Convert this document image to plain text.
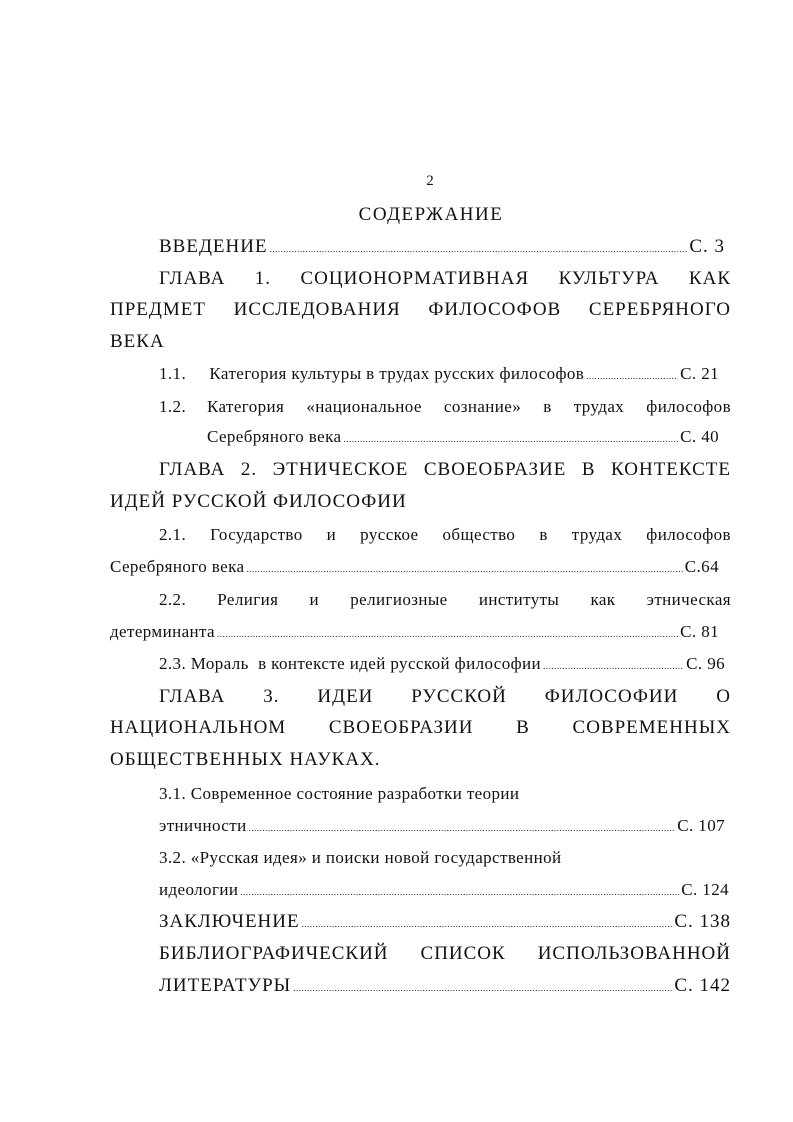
2
СОДЕРЖАНИЕ
ВВЕДЕНИЕ .....	С. 3
ГЛАВА 1. СОЦИОНОРМАТИВНАЯ КУЛЬТУРА КАК
ПРЕДМЕТ ИССЛЕДОВАНИЯ ФИЛОСОФОВ СЕРЕБРЯНОГО
ВЕКА
1.1. Категория культуры в трудах русских философов .....	С. 21
1.2.	Категория «национальное сознание» в трудах философов
Серебряного века .....	С. 40
ГЛАВА 2. ЭТНИЧЕСКОЕ СВОЕОБРАЗИЕ В КОНТЕКСТЕ
ИДЕЙ РУССКОЙ ФИЛОСОФИИ
2.1. Государство и русское общество в трудах философов
Серебряного века .....	С.64
2.2. Религия и религиозные институты как этническая
детерминанта .....	С. 81
2.3. Мораль  в контексте идей русской философии .....	С. 96
ГЛАВА 3. ИДЕИ РУССКОЙ ФИЛОСОФИИ О
НАЦИОНАЛЬНОМ СВОЕОБРАЗИИ В СОВРЕМЕННЫХ
ОБЩЕСТВЕННЫХ НАУКАХ.
3.1. Современное состояние разработки теории
этничности .....	С. 107
3.2. «Русская идея» и поиски новой государственной
идеологии .....	С. 124
ЗАКЛЮЧЕНИЕ .....	С. 138
БИБЛИОГРАФИЧЕСКИЙ СПИСОК ИСПОЛЬЗОВАННОЙ
ЛИТЕРАТУРЫ .....	С. 142
